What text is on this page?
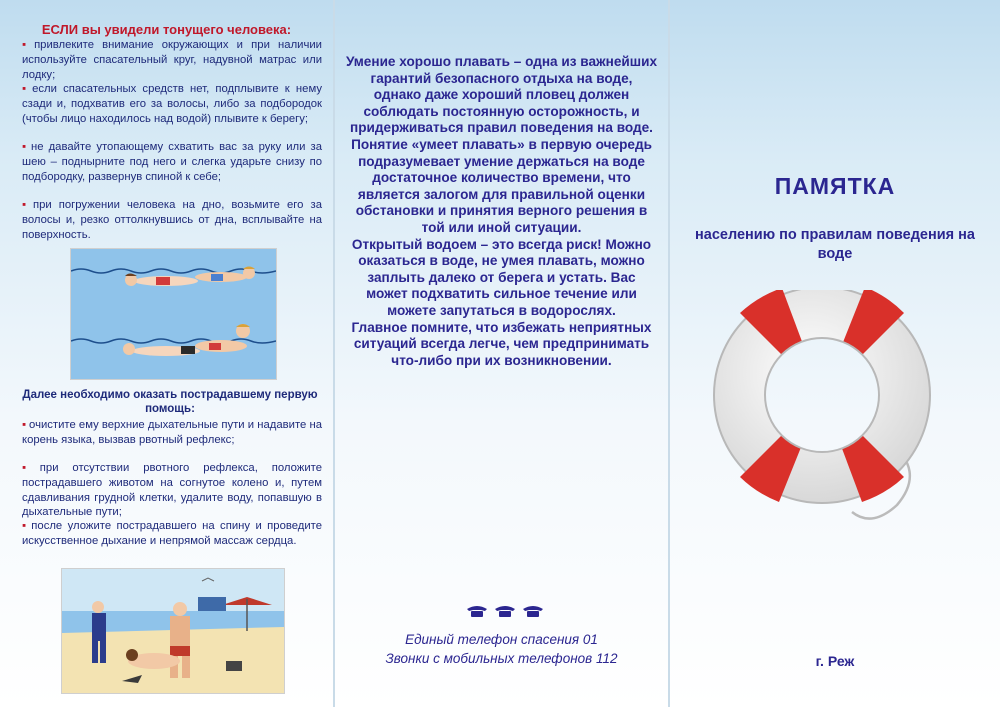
ЕСЛИ вы увидели тонущего человека:
▪ привлеките внимание окружающих и при наличии используйте спасательный круг, надувной матрас или лодку;
▪ если спасательных средств нет, подплывите к нему сзади и, подхватив его за волосы, либо за подбородок (чтобы лицо находилось над водой) плывите к берегу;
▪ не давайте утопающему схватить вас за руку или за шею – поднырните под него и слегка ударьте снизу по подбородку, развернув спиной к себе;
▪ при погружении человека на дно, возьмите его за волосы и, резко оттолкнувшись от дна, всплывайте на поверхность.
Далее необходимо оказать пострадавшему первую помощь:
▪ очистите ему верхние дыхательные пути и надавите на корень языка, вызвав рвотный рефлекс;
▪ при отсутствии рвотного рефлекса, положите пострадавшего животом на согнутое колено и, путем сдавливания грудной клетки, удалите воду, попавшую в дыхательные пути;
▪ после уложите пострадавшего на спину и проведите искусственное дыхание и непрямой массаж сердца.

Умение хорошо плавать – одна из важнейших гарантий безопасного отдыха на воде, однако даже хороший пловец должен соблюдать постоянную осторожность, и придерживаться правил поведения на воде.

Понятие «умеет плавать» в первую очередь подразумевает умение держаться на воде достаточное количество времени, что является залогом для правильной оценки обстановки и принятия верного решения в той или иной ситуации.

Открытый водоем – это всегда риск! Можно оказаться в воде, не умея плавать, можно заплыть далеко от берега и устать. Вас может подхватить сильное течение или можете запутаться в водорослях.

Главное помните, что избежать неприятных ситуаций всегда легче, чем предпринимать что-либо при их возникновении.

Единый телефон спасения 01
Звонки с мобильных телефонов 112
ПАМЯТКА
населению по правилам поведения на воде
г. Реж
